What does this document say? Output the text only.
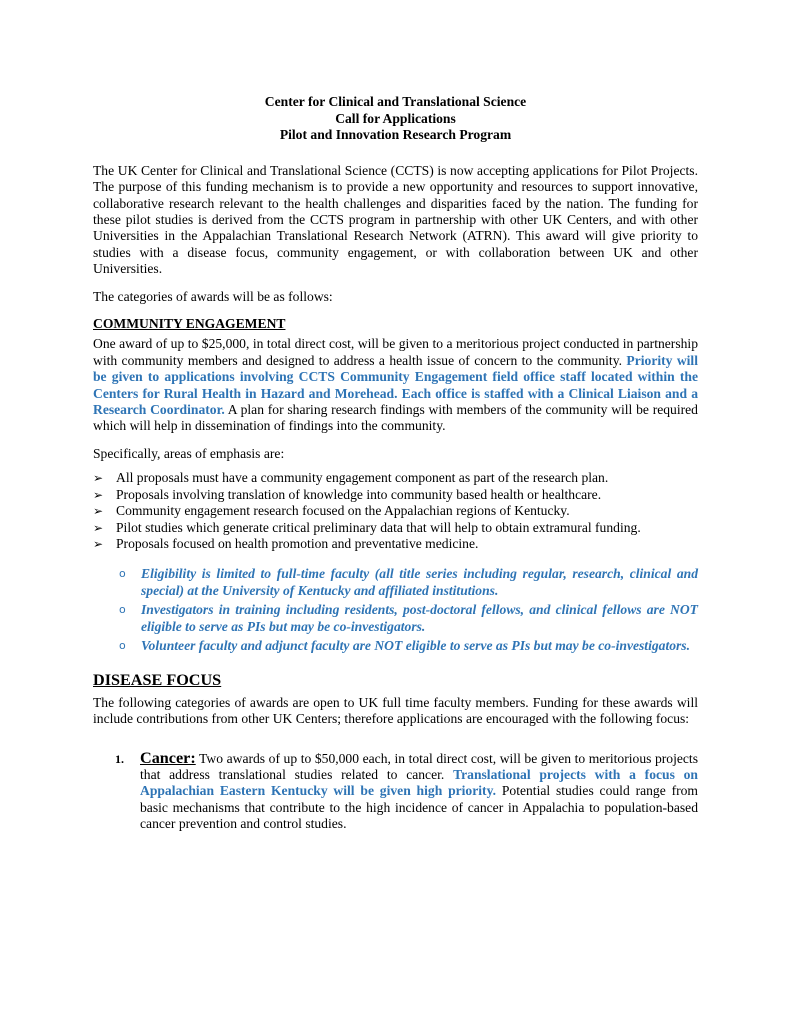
Center for Clinical and Translational Science
Call for Applications
Pilot and Innovation Research Program

The UK Center for Clinical and Translational Science (CCTS) is now accepting applications for Pilot Projects. The purpose of this funding mechanism is to provide a new opportunity and resources to support innovative, collaborative research relevant to the health challenges and disparities faced by the nation. The funding for these pilot studies is derived from the CCTS program in partnership with other UK Centers, and with other Universities in the Appalachian Translational Research Network (ATRN). This award will give priority to studies with a disease focus, community engagement, or with collaboration between UK and other Universities.

The categories of awards will be as follows:

COMMUNITY ENGAGEMENT

One award of up to $25,000, in total direct cost, will be given to a meritorious project conducted in partnership with community members and designed to address a health issue of concern to the community. Priority will be given to applications involving CCTS Community Engagement field office staff located within the Centers for Rural Health in Hazard and Morehead. Each office is staffed with a Clinical Liaison and a Research Coordinator. A plan for sharing research findings with members of the community will be required which will help in dissemination of findings into the community.

Specifically, areas of emphasis are:

➢ All proposals must have a community engagement component as part of the research plan.
➢ Proposals involving translation of knowledge into community based health or healthcare.
➢ Community engagement research focused on the Appalachian regions of Kentucky.
➢ Pilot studies which generate critical preliminary data that will help to obtain extramural funding.
➢ Proposals focused on health promotion and preventative medicine.
o Eligibility is limited to full-time faculty (all title series including regular, research, clinical and special) at the University of Kentucky and affiliated institutions.
o Investigators in training including residents, post-doctoral fellows, and clinical fellows are NOT eligible to serve as PIs but may be co-investigators.
o Volunteer faculty and adjunct faculty are NOT eligible to serve as PIs but may be co-investigators.
DISEASE FOCUS

The following categories of awards are open to UK full time faculty members. Funding for these awards will include contributions from other UK Centers; therefore applications are encouraged with the following focus:

1. Cancer: Two awards of up to $50,000 each, in total direct cost, will be given to meritorious projects that address translational studies related to cancer. Translational projects with a focus on Appalachian Eastern Kentucky will be given high priority. Potential studies could range from basic mechanisms that contribute to the high incidence of cancer in Appalachia to population-based cancer prevention and control studies.
